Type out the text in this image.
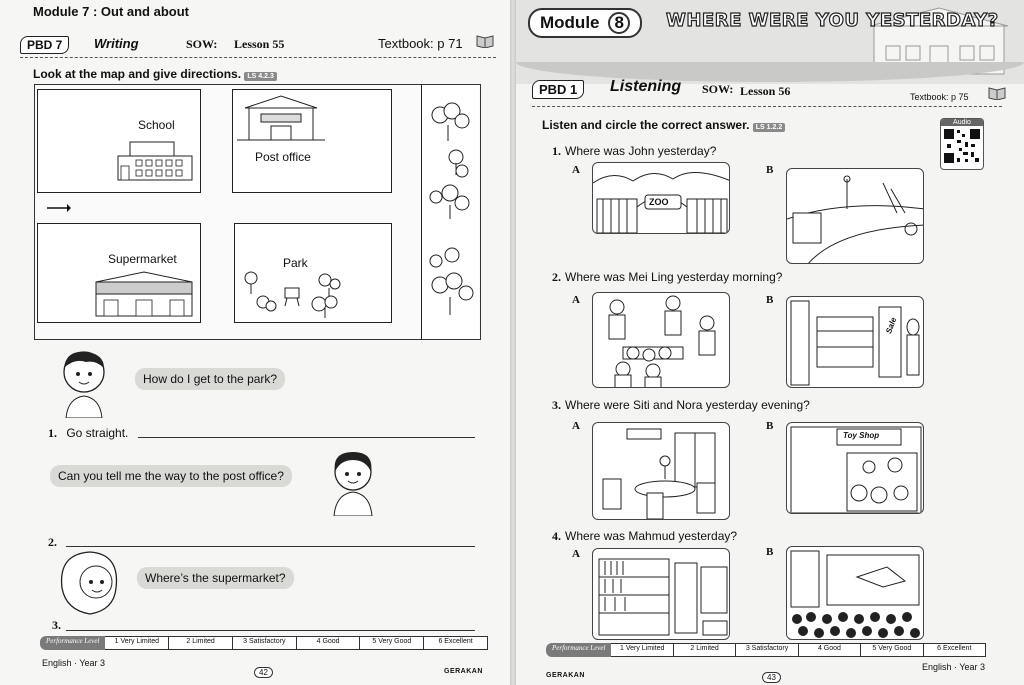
Module 7 : Out and about
PBD 7	Writing	SOW: Lesson 55	Textbook: p 71
Look at the map and give directions. LS 4.2.3
School
Post office
Supermarket	Park
How do I get to the park?
1. Go straight.
Can you tell me the way to the post office?
2.
Where’s the supermarket?
3.
Performance Level	1 Very Limited	2 Limited	3 Satisfactory	4 Good	5 Very Good	6 Excellent
English · Year 3
42	GERAKAN
Module 8	WHERE WERE YOU YESTERDAY?
PBD 1	Listening SOW: Lesson 56	Textbook: p 75
Listen and circle the correct answer. LS 1.2.2
Audio
1. Where was John yesterday?
A
ZOO
B
2. Where was Mei Ling yesterday morning?
A	B
Sale
3. Where were Siti and Nora yesterday evening?
A	B
Toy Shop
4. Where was Mahmud yesterday?
A	B
Performance Level	1 Very Limited	2 Limited	3 Satisfactory	4 Good	5 Very Good	6 Excellent
GERAKAN	43
English · Year 3
